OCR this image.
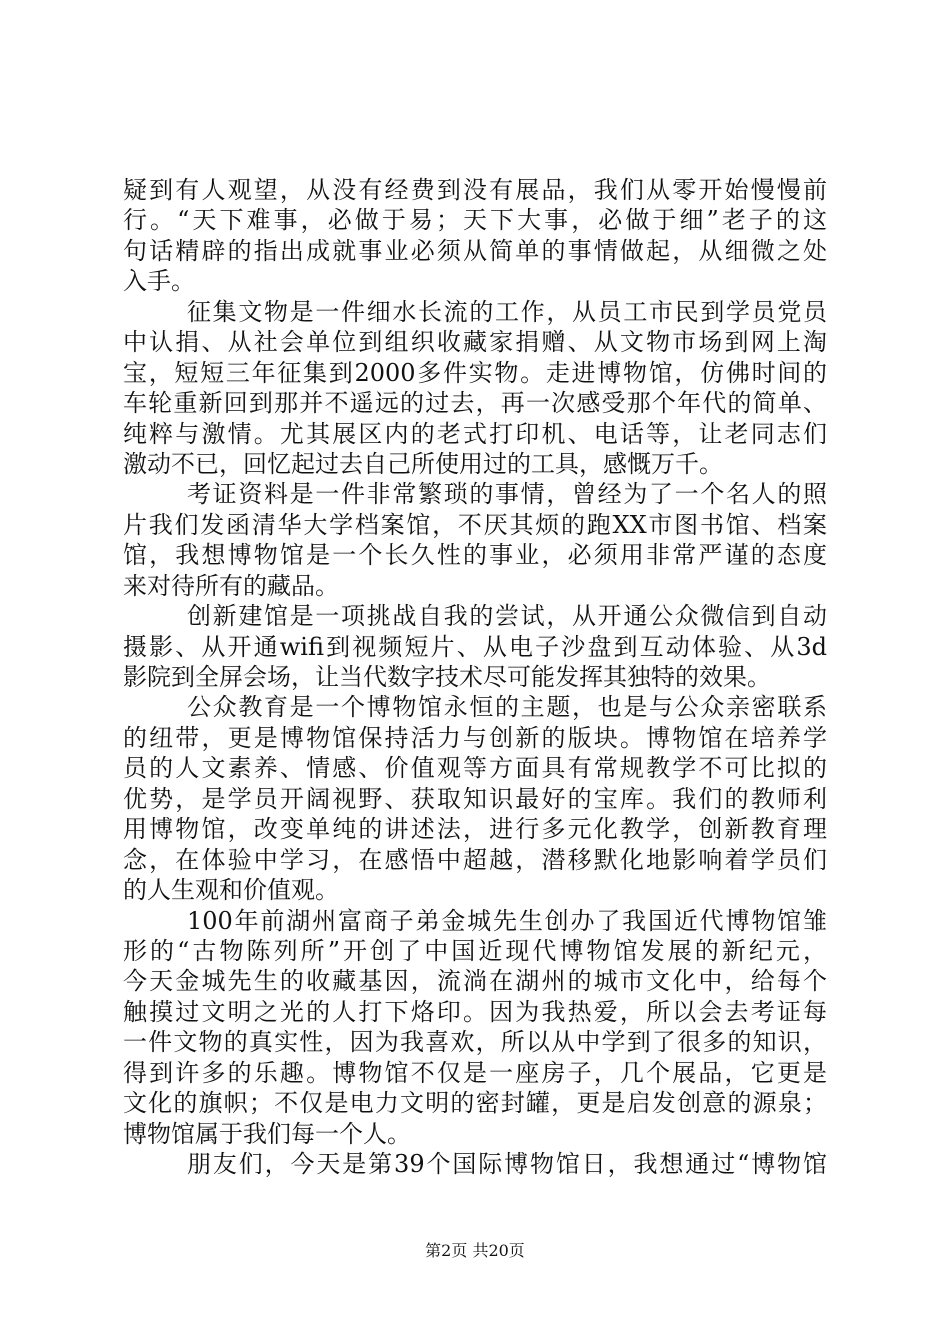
疑到有人观望，从没有经费到没有展品，我们从零开始慢慢前
行。“天下难事，必做于易；天下大事，必做于细”老子的这
句话精辟的指出成就事业必须从简单的事情做起，从细微之处
入手。
征集文物是一件细水长流的工作，从员工市民到学员党员
中认捐、从社会单位到组织收藏家捐赠、从文物市场到网上淘
宝，短短三年征集到2000多件实物。走进博物馆，仿佛时间的
车轮重新回到那并不遥远的过去，再一次感受那个年代的简单、
纯粹与激情。尤其展区内的老式打印机、电话等，让老同志们
激动不已，回忆起过去自己所使用过的工具，感慨万千。
考证资料是一件非常繁琐的事情，曾经为了一个名人的照
片我们发函清华大学档案馆，不厌其烦的跑XX市图书馆、档案
馆，我想博物馆是一个长久性的事业，必须用非常严谨的态度
来对待所有的藏品。
创新建馆是一项挑战自我的尝试，从开通公众微信到自动
摄影、从开通wifi到视频短片、从电子沙盘到互动体验、从3d
影院到全屏会场，让当代数字技术尽可能发挥其独特的效果。
公众教育是一个博物馆永恒的主题，也是与公众亲密联系
的纽带，更是博物馆保持活力与创新的版块。博物馆在培养学
员的人文素养、情感、价值观等方面具有常规教学不可比拟的
优势，是学员开阔视野、获取知识最好的宝库。我们的教师利
用博物馆，改变单纯的讲述法，进行多元化教学，创新教育理
念，在体验中学习，在感悟中超越，潜移默化地影响着学员们
的人生观和价值观。
100年前湖州富商子弟金城先生创办了我国近代博物馆雏
形的“古物陈列所”开创了中国近现代博物馆发展的新纪元，
今天金城先生的收藏基因，流淌在湖州的城市文化中，给每个
触摸过文明之光的人打下烙印。因为我热爱，所以会去考证每
一件文物的真实性，因为我喜欢，所以从中学到了很多的知识，
得到许多的乐趣。博物馆不仅是一座房子，几个展品，它更是
文化的旗帜；不仅是电力文明的密封罐，更是启发创意的源泉；
博物馆属于我们每一个人。
朋友们，今天是第39个国际博物馆日，我想通过“博物馆
第2页 共20页
